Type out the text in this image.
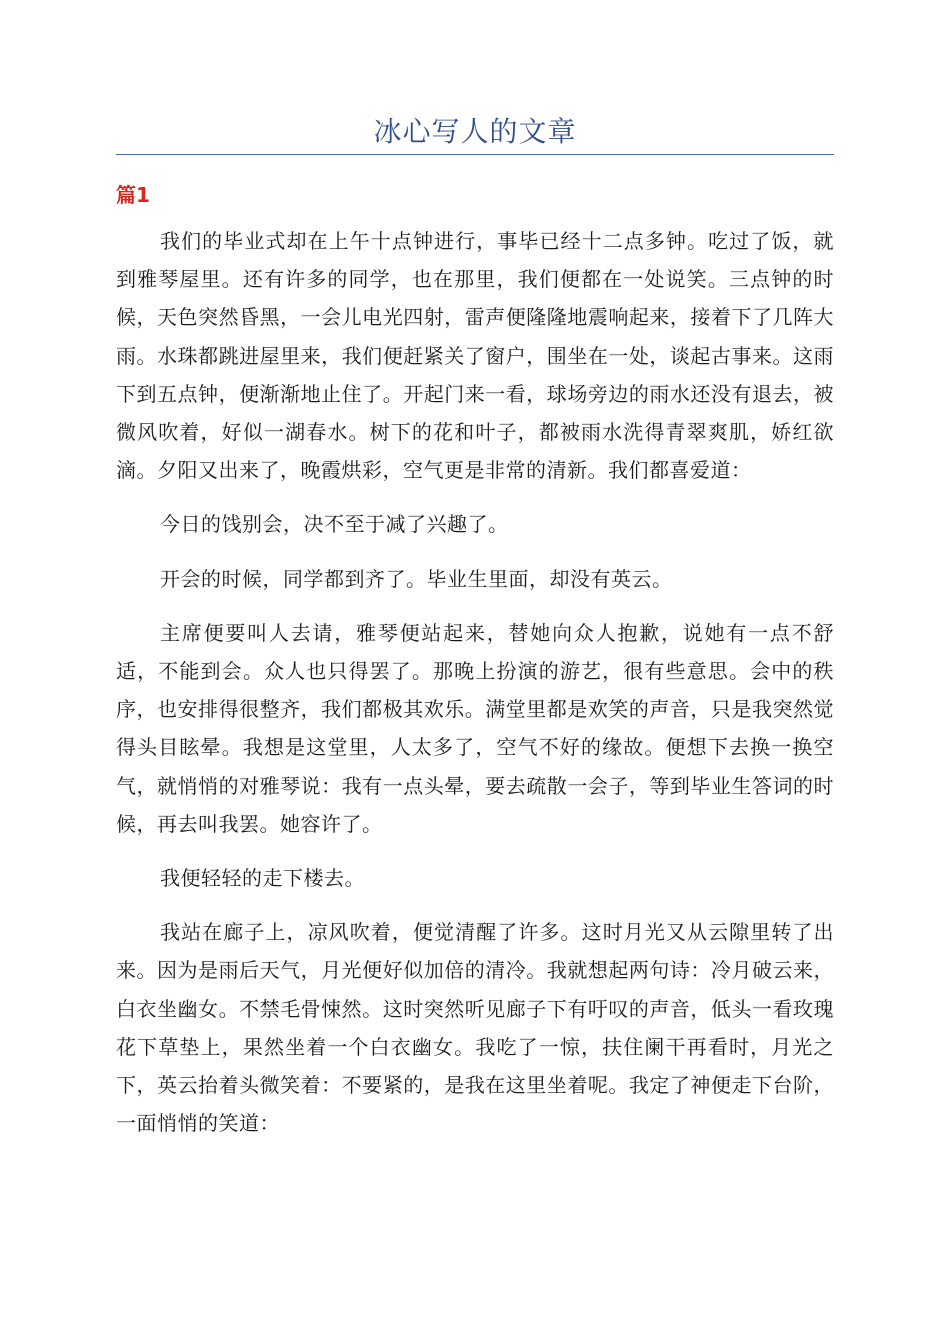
冰心写人的文章
篇1

我们的毕业式却在上午十点钟进行，事毕已经十二点多钟。吃过了饭，就到雅琴屋里。还有许多的同学，也在那里，我们便都在一处说笑。三点钟的时候，天色突然昏黑，一会儿电光四射，雷声便隆隆地震响起来，接着下了几阵大雨。水珠都跳进屋里来，我们便赶紧关了窗户，围坐在一处，谈起古事来。这雨下到五点钟，便渐渐地止住了。开起门来一看，球场旁边的雨水还没有退去，被微风吹着，好似一湖春水。树下的花和叶子，都被雨水洗得青翠爽肌，娇红欲滴。夕阳又出来了，晚霞烘彩，空气更是非常的清新。我们都喜爱道：

今日的饯别会，决不至于减了兴趣了。

开会的时候，同学都到齐了。毕业生里面，却没有英云。

主席便要叫人去请，雅琴便站起来，替她向众人抱歉，说她有一点不舒适，不能到会。众人也只得罢了。那晚上扮演的游艺，很有些意思。会中的秩序，也安排得很整齐，我们都极其欢乐。满堂里都是欢笑的声音，只是我突然觉得头目眩晕。我想是这堂里，人太多了，空气不好的缘故。便想下去换一换空气，就悄悄的对雅琴说：我有一点头晕，要去疏散一会子，等到毕业生答词的时候，再去叫我罢。她容许了。

我便轻轻的走下楼去。

我站在廊子上，凉风吹着，便觉清醒了许多。这时月光又从云隙里转了出来。因为是雨后天气，月光便好似加倍的清冷。我就想起两句诗：冷月破云来，白衣坐幽女。不禁毛骨悚然。这时突然听见廊子下有吁叹的声音，低头一看玫瑰花下草垫上，果然坐着一个白衣幽女。我吃了一惊，扶住阑干再看时，月光之下，英云抬着头微笑着：不要紧的，是我在这里坐着呢。我定了神便走下台阶，一面悄悄的笑道：
